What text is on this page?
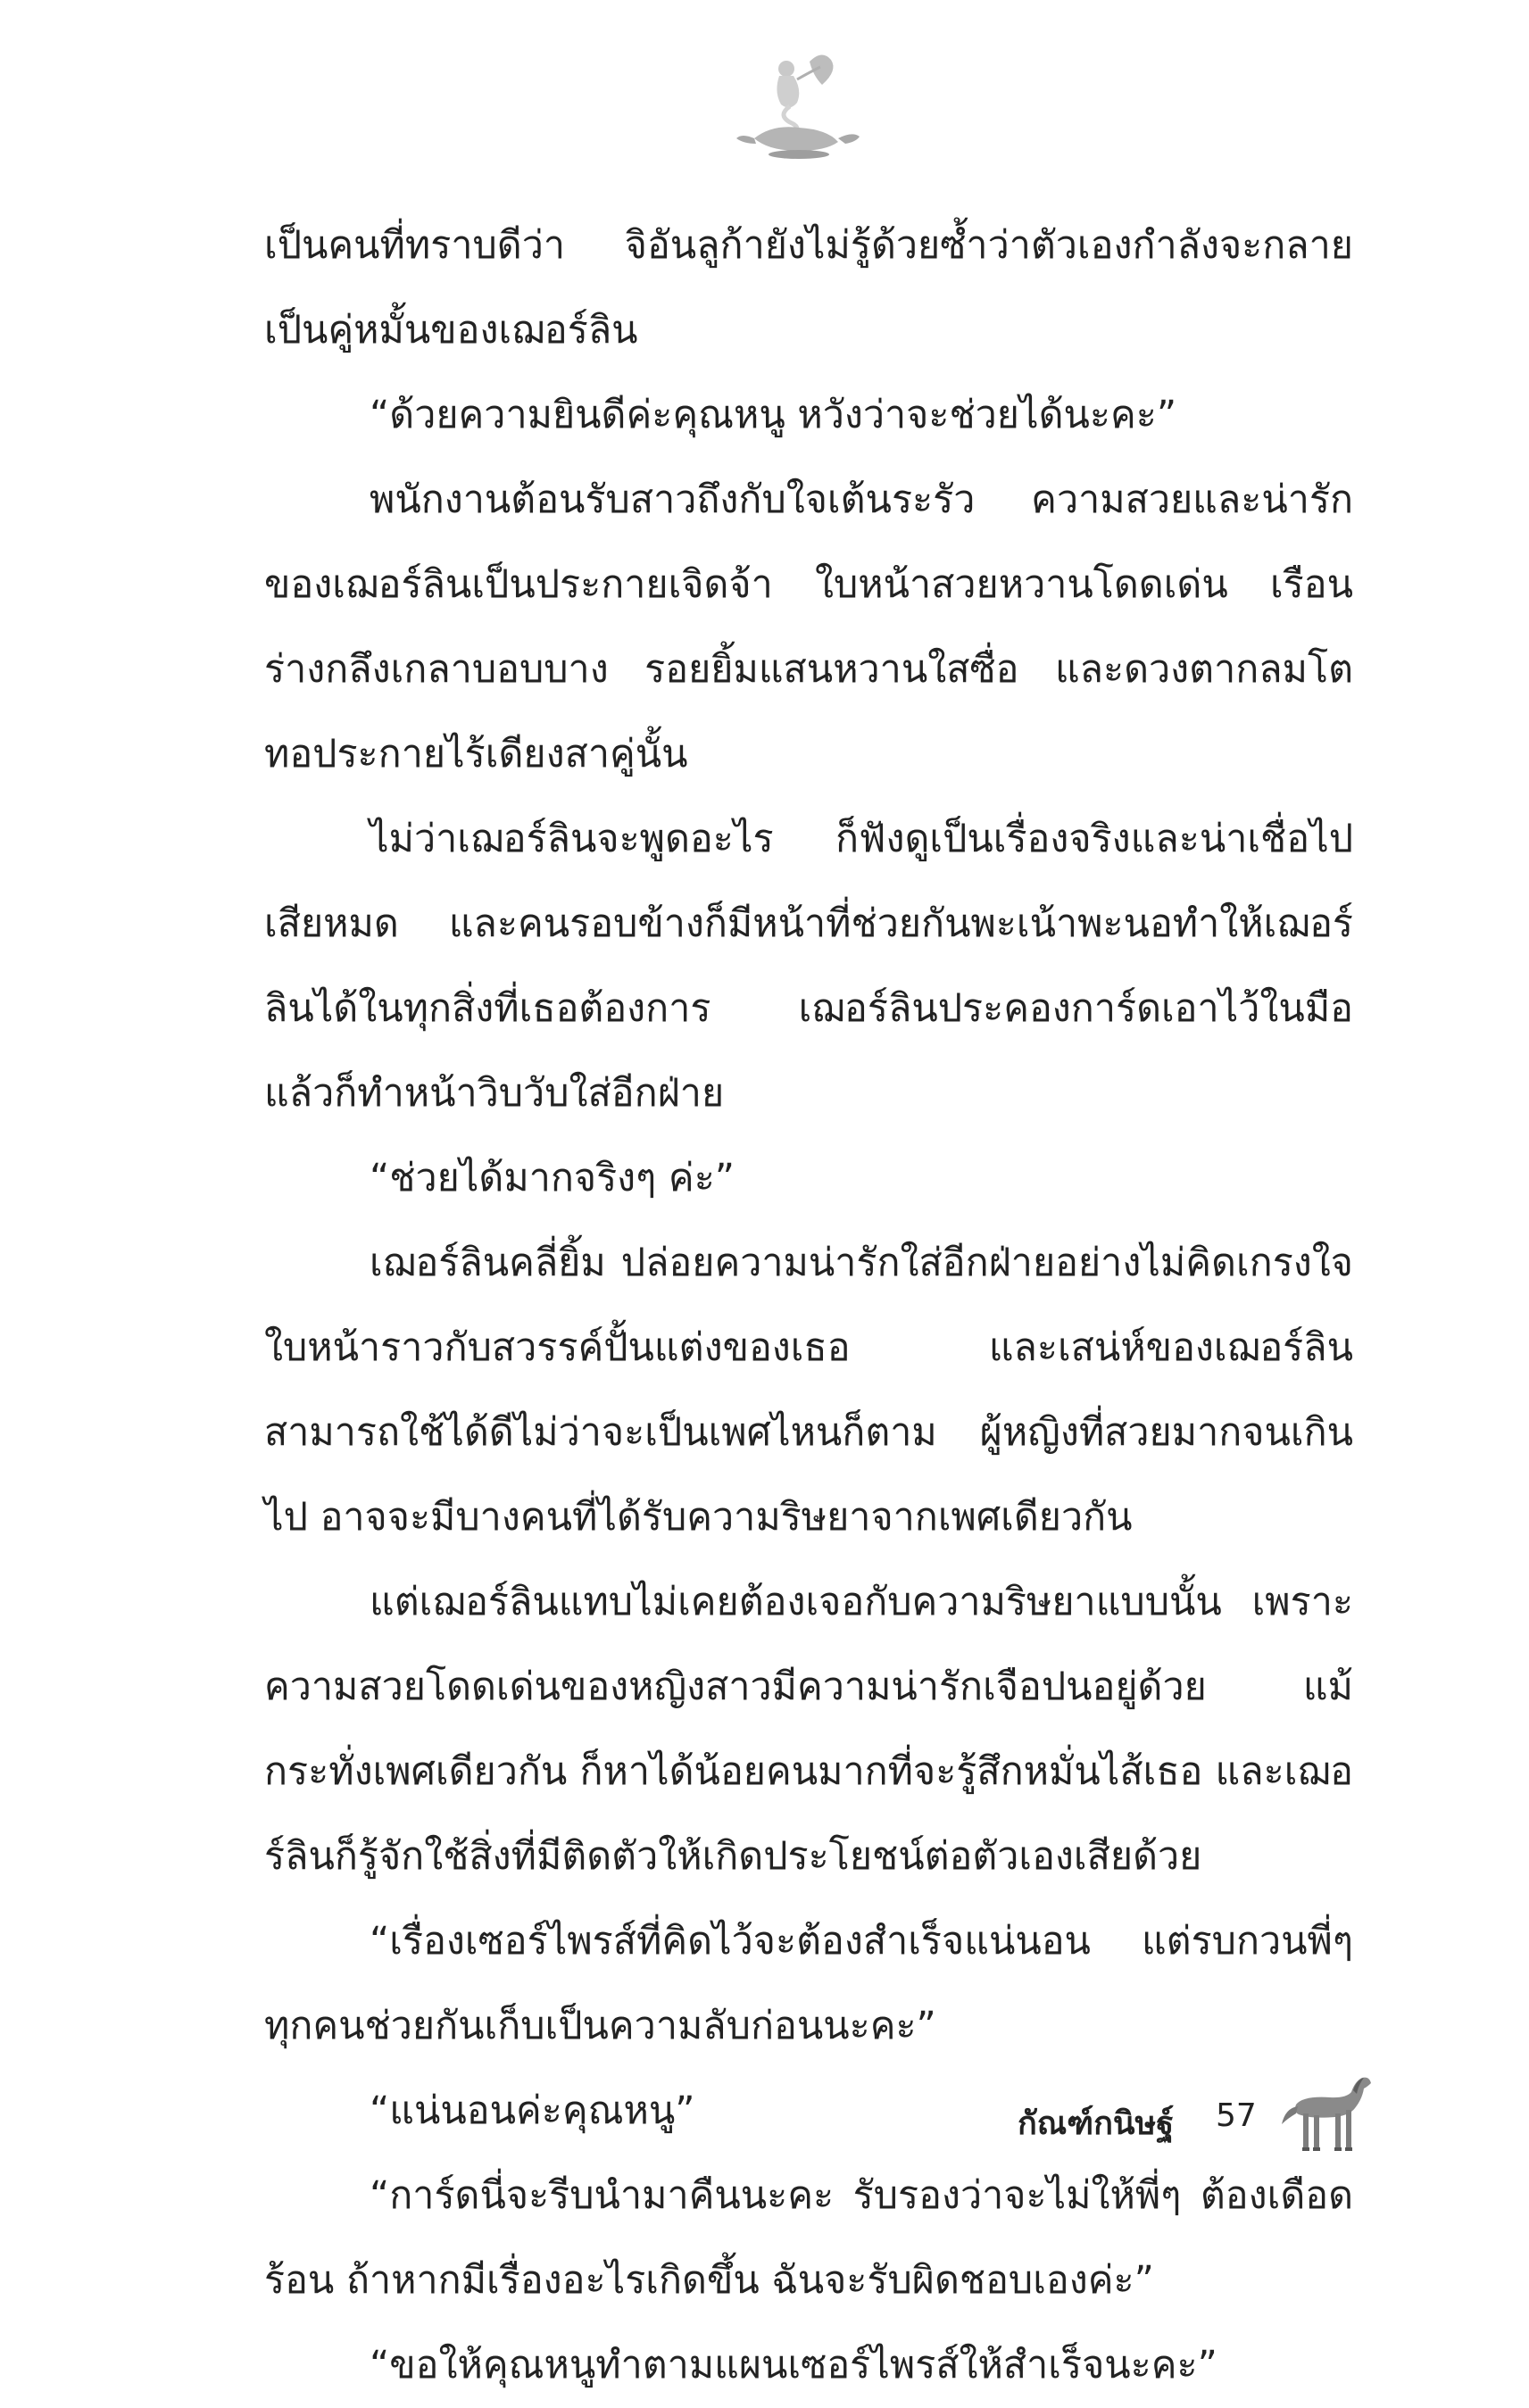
เป็นคนที่ทราบดีว่า จิอันลูก้ายังไม่รู้ด้วยซ้ำว่าตัวเองกำลังจะกลายเป็นคู่หมั้นของเฌอร์ลิน

“ด้วยความยินดีค่ะคุณหนู หวังว่าจะช่วยได้นะคะ”

พนักงานต้อนรับสาวถึงกับใจเต้นระรัว ความสวยและน่ารักของเฌอร์ลินเป็นประกายเจิดจ้า ใบหน้าสวยหวานโดดเด่น เรือนร่างกลึงเกลาบอบบาง รอยยิ้มแสนหวานใสซื่อ และดวงตากลมโตทอประกายไร้เดียงสาคู่นั้น

ไม่ว่าเฌอร์ลินจะพูดอะไร ก็ฟังดูเป็นเรื่องจริงและน่าเชื่อไปเสียหมด และคนรอบข้างก็มีหน้าที่ช่วยกันพะเน้าพะนอทำให้เฌอร์ลินได้ในทุกสิ่งที่เธอต้องการ เฌอร์ลินประคองการ์ดเอาไว้ในมือ แล้วก็ทำหน้าวิบวับใส่อีกฝ่าย

“ช่วยได้มากจริงๆ ค่ะ”

เฌอร์ลินคลี่ยิ้ม ปล่อยความน่ารักใส่อีกฝ่ายอย่างไม่คิดเกรงใจใบหน้าราวกับสวรรค์ปั้นแต่งของเธอ และเสน่ห์ของเฌอร์ลิน สามารถใช้ได้ดีไม่ว่าจะเป็นเพศไหนก็ตาม ผู้หญิงที่สวยมากจนเกินไป อาจจะมีบางคนที่ได้รับความริษยาจากเพศเดียวกัน

แต่เฌอร์ลินแทบไม่เคยต้องเจอกับความริษยาแบบนั้น เพราะความสวยโดดเด่นของหญิงสาวมีความน่ารักเจือปนอยู่ด้วย แม้กระทั่งเพศเดียวกัน ก็หาได้น้อยคนมากที่จะรู้สึกหมั่นไส้เธอ และเฌอร์ลินก็รู้จักใช้สิ่งที่มีติดตัวให้เกิดประโยชน์ต่อตัวเองเสียด้วย

“เรื่องเซอร์ไพรส์ที่คิดไว้จะต้องสำเร็จแน่นอน แต่รบกวนพี่ๆ ทุกคนช่วยกันเก็บเป็นความลับก่อนนะคะ”

“แน่นอนค่ะคุณหนู”

“การ์ดนี่จะรีบนำมาคืนนะคะ รับรองว่าจะไม่ให้พี่ๆ ต้องเดือดร้อน ถ้าหากมีเรื่องอะไรเกิดขึ้น ฉันจะรับผิดชอบเองค่ะ”

“ขอให้คุณหนูทำตามแผนเซอร์ไพรส์ให้สำเร็จนะคะ”

กัณฑ์กนิษฐ์ 57
